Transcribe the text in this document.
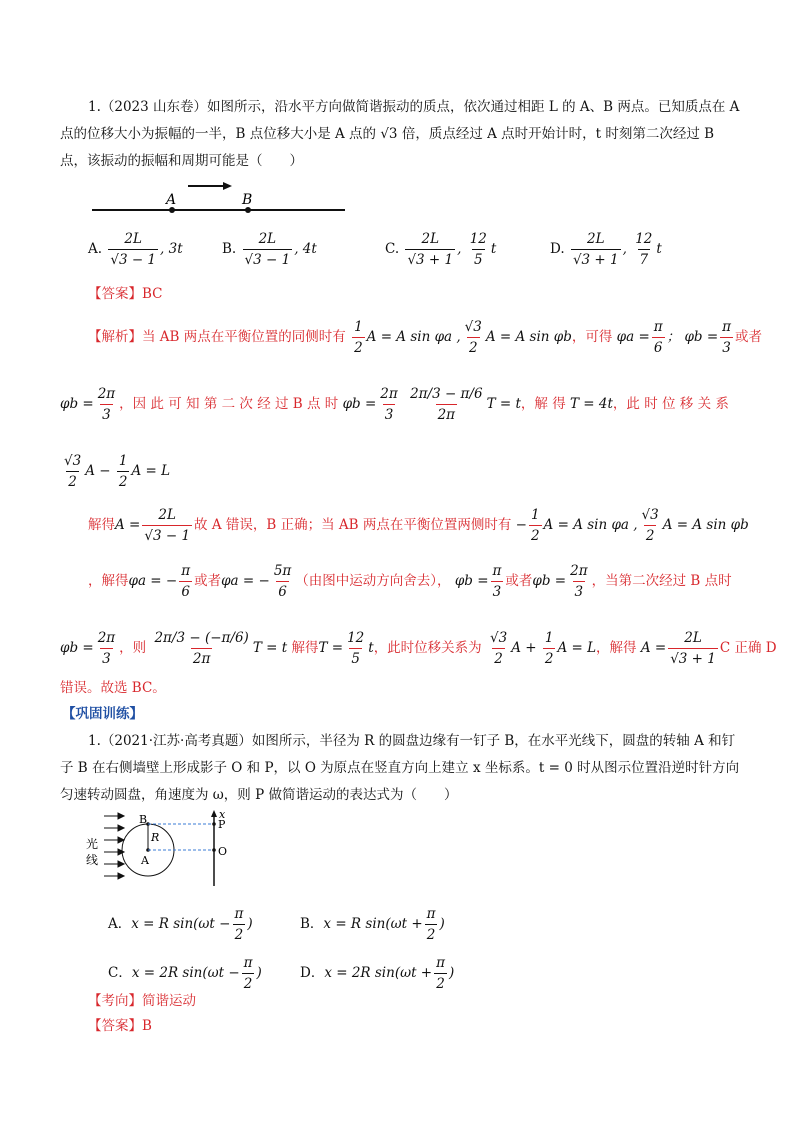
1.（2023 山东卷）如图所示，沿水平方向做简谐振动的质点，依次通过相距 L 的 A、B 两点。已知质点在 A
点的位移大小为振幅的一半，B 点位移大小是 A 点的 √3 倍，质点经过 A 点时开始计时，t 时刻第二次经过 B
点，该振动的振幅和周期可能是（　　）
A	B
A. $\frac{2L}{√3 - 1}$ , 3t	B. $\frac{2L}{√3 - 1}$ , 4t	C. $\frac{2L}{√3 + 1}$ , $\frac{12}{5}$ t	D. $\frac{2L}{√3 + 1}$ , $\frac{12}{7}$ t
【答案】BC
【解析】当 AB 两点在平衡位置的同侧时有 $\frac{1}{2}$ A = A sin φa , $\frac{√3}{2}$ A = A sin φb，可得 $\varphi a = \frac{\pi}{6}$ ； $\varphi b = \frac{\pi}{3}$ 或者
$\varphi b = \frac{2\pi}{3}$ ，因 此 可 知 第 二 次 经 过 B 点 时 $\varphi b = \frac{2\pi}{3}$
$\frac{2\pi/3 - \pi/6}{2\pi}$ T = t，解 得 T = 4t，此 时 位 移 关 系
$\frac{√3}{2}$ $A - \frac{1}{2}$ A = L
解得$A = \frac{2L}{√3 - 1}$ 故 A 错误，B 正确；当 AB 两点在平衡位置两侧时有 − $\frac{1}{2}$ A = A sin φa , $\frac{√3}{2}$ A = A sin φb
，解得φa = − $\frac{\pi}{6}$ 或者φa = − $\frac{5\pi}{6}$ （由图中运动方向舍去）， $\varphi b = \frac{\pi}{3}$ 或者$\varphi b = \frac{2\pi}{3}$ ，当第二次经过 B 点时
$\varphi b = \frac{2\pi}{3}$ ，则 $\frac{2\pi/3 - (-\pi/6)}{2\pi}$ T = t 解得$T = \frac{12}{5}$ t，此时位移关系为 $\frac{√3}{2}$ $A + \frac{1}{2}$ A = L，解得 $A = \frac{2L}{√3 + 1}$ C 正确 D
错误。故选 BC。
【巩固训练】
1.（2021·江苏·高考真题）如图所示，半径为 R 的圆盘边缘有一钉子 B，在水平光线下，圆盘的转轴 A 和钉
子 B 在右侧墙壁上形成影子 O 和 P，以 O 为原点在竖直方向上建立 x 坐标系。t = 0 时从图示位置沿逆时针方向
匀速转动圆盘，角速度为 ω，则 P 做简谐运动的表达式为（　　）
光
线
B
A
R
x
P
O
A．x = R $\sin(\omega t - \frac{\pi}{2}$ )	B．x = R $\sin(\omega t + \frac{\pi}{2}$ )
C．x = 2R $\sin(\omega t - \frac{\pi}{2}$ )	D．x = 2R $\sin(\omega t + \frac{\pi}{2}$ )
【考向】简谐运动
【答案】B
